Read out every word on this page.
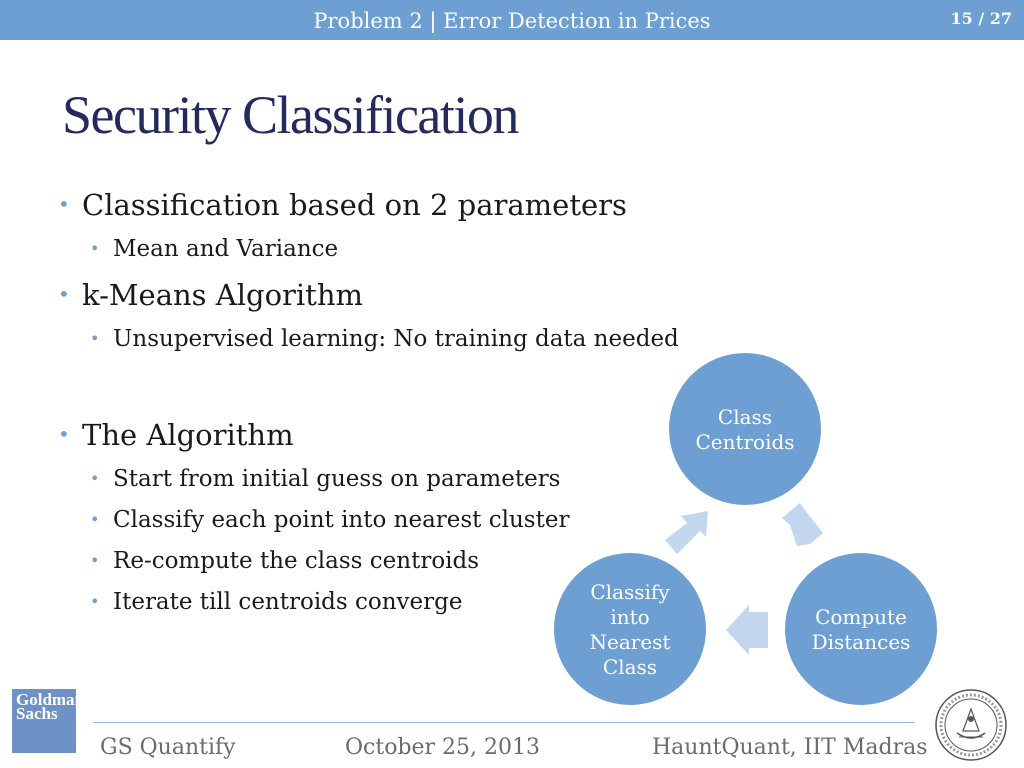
Problem 2 | Error Detection in Prices	15 / 27
Security Classification
• Classification based on 2 parameters
• Mean and Variance
• k-Means Algorithm
• Unsupervised learning: No training data needed
• The Algorithm
• Start from initial guess on parameters
• Classify each point into nearest cluster
• Re-compute the class centroids
• Iterate till centroids converge
Class
Centroids
Compute
Distances
Classify
into
Nearest
Class
Goldman
Sachs
GS Quantify	October 25, 2013	HauntQuant, IIT Madras
